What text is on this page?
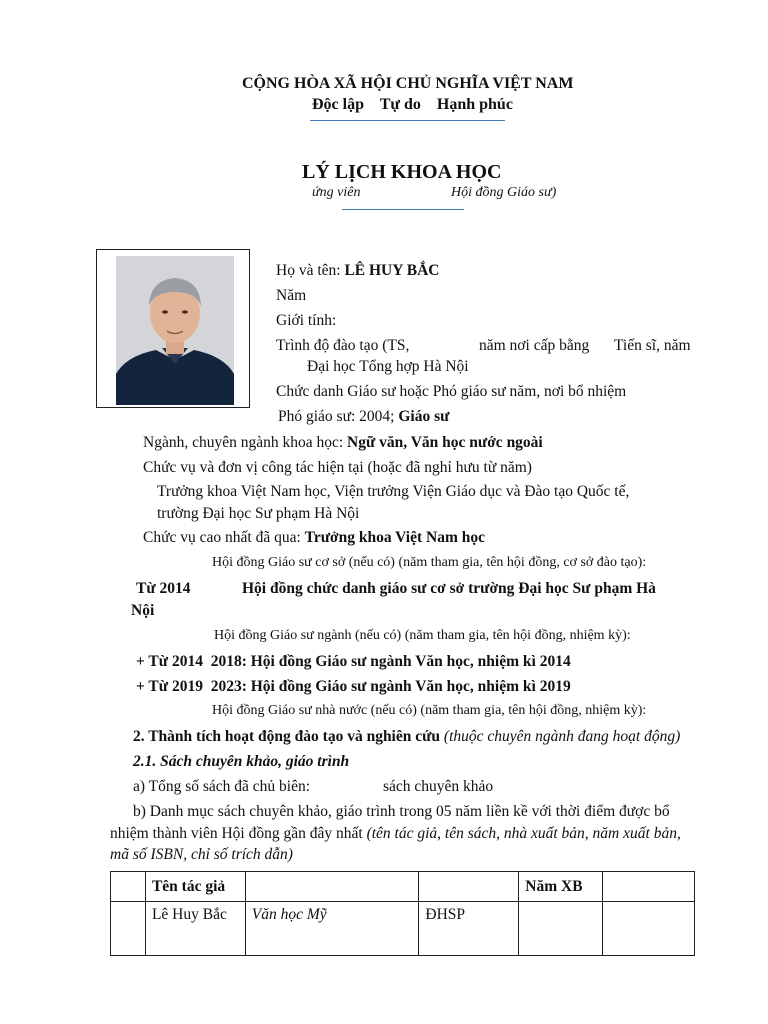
CỘNG HÒA XÃ HỘI CHỦ NGHĨA VIỆT NAM
Độc lập    Tự do    Hạnh phúc
LÝ LỊCH KHOA HỌC
ứng viên	Hội đồng Giáo sư)
Họ và tên: LÊ HUY BẮC
Năm
Giới tính:
Trình độ đào tạo (TS,	năm nơi cấp bằng Tiến sĩ, năm
Đại học Tổng hợp Hà Nội
Chức danh Giáo sư hoặc Phó giáo sư năm, nơi bổ nhiệm
Phó giáo sư: 2004; Giáo sư
Ngành, chuyên ngành khoa học: Ngữ văn, Văn học nước ngoài
Chức vụ và đơn vị công tác hiện tại (hoặc đã nghỉ hưu từ năm)
Trưởng khoa Việt Nam học, Viện trưởng Viện Giáo dục và Đào tạo Quốc tế,
trường Đại học Sư phạm Hà Nội
Chức vụ cao nhất đã qua: Trưởng khoa Việt Nam học
Hội đồng Giáo sư cơ sở (nếu có) (năm tham gia, tên hội đồng, cơ sở đào tạo):
Từ 2014	Hội đồng chức danh giáo sư cơ sở trường Đại học Sư phạm Hà
Nội
Hội đồng Giáo sư ngành (nếu có) (năm tham gia, tên hội đồng, nhiệm kỳ):
+ Từ 2014  2018: Hội đồng Giáo sư ngành Văn học, nhiệm kì 2014
+ Từ 2019  2023: Hội đồng Giáo sư ngành Văn học, nhiệm kì 2019
Hội đồng Giáo sư nhà nước (nếu có) (năm tham gia, tên hội đồng, nhiệm kỳ):
2. Thành tích hoạt động đào tạo và nghiên cứu (thuộc chuyên ngành đang hoạt động)
2.1. Sách chuyên khảo, giáo trình
a) Tổng số sách đã chủ biên:	sách chuyên khảo
b) Danh mục sách chuyên khảo, giáo trình trong 05 năm liền kề với thời điểm được bổ
nhiệm thành viên Hội đồng gần đây nhất (tên tác giả, tên sách, nhà xuất bản, năm xuất bản,
mã số ISBN, chỉ số trích dẫn)
	Tên tác giả			Năm XB	
	Lê Huy Bắc	Văn học Mỹ	ĐHSP		
